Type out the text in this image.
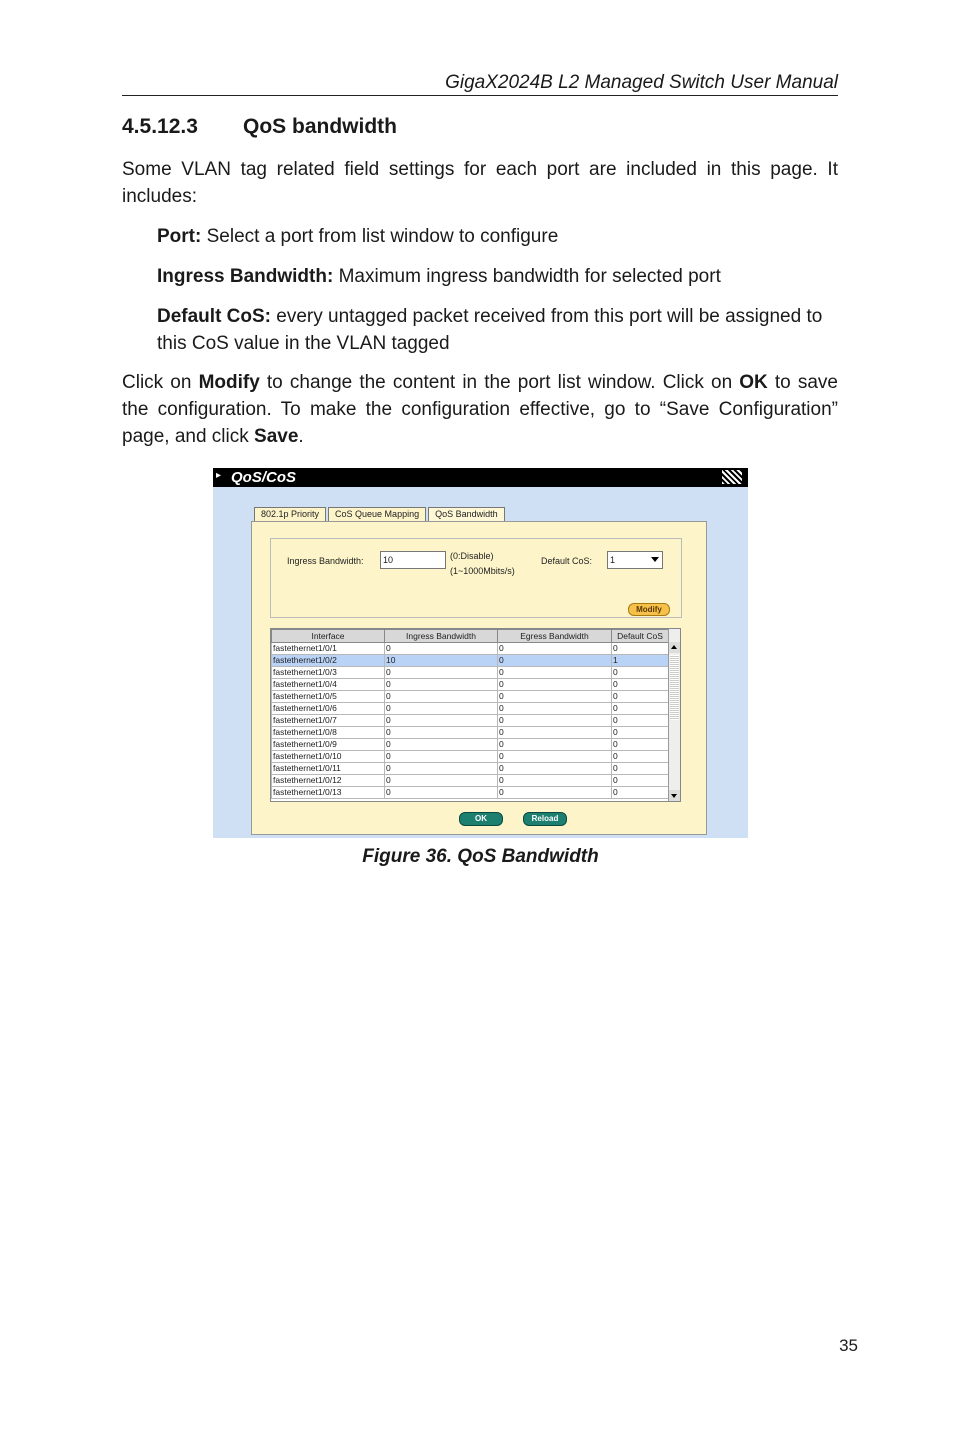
GigaX2024B L2 Managed Switch User Manual
4.5.12.3 QoS bandwidth
Some VLAN tag related field settings for each port are included in this page. It includes:
Port: Select a port from list window to configure
Ingress Bandwidth: Maximum ingress bandwidth for selected port
Default CoS: every untagged packet received from this port will be assigned to this CoS value in the VLAN tagged
Click on Modify to change the content in the port list window. Click on OK to save the configuration. To make the configuration effective, go to “Save Configuration” page, and click Save.
▸ QoS/CoS
802.1p Priority	CoS Queue Mapping	QoS Bandwidth
Ingress Bandwidth:	10	(0:Disable)
(1~1000Mbits/s)
Default CoS:	1
Modify
Interface	Ingress Bandwidth	Egress Bandwidth	Default CoS
fastethernet1/0/1	0	0	0
fastethernet1/0/2	10	0	1
fastethernet1/0/3	0	0	0
fastethernet1/0/4	0	0	0
fastethernet1/0/5	0	0	0
fastethernet1/0/6	0	0	0
fastethernet1/0/7	0	0	0
fastethernet1/0/8	0	0	0
fastethernet1/0/9	0	0	0
fastethernet1/0/10	0	0	0
fastethernet1/0/11	0	0	0
fastethernet1/0/12	0	0	0
fastethernet1/0/13	0	0	0
OK	Reload
Figure 36. QoS Bandwidth
35
